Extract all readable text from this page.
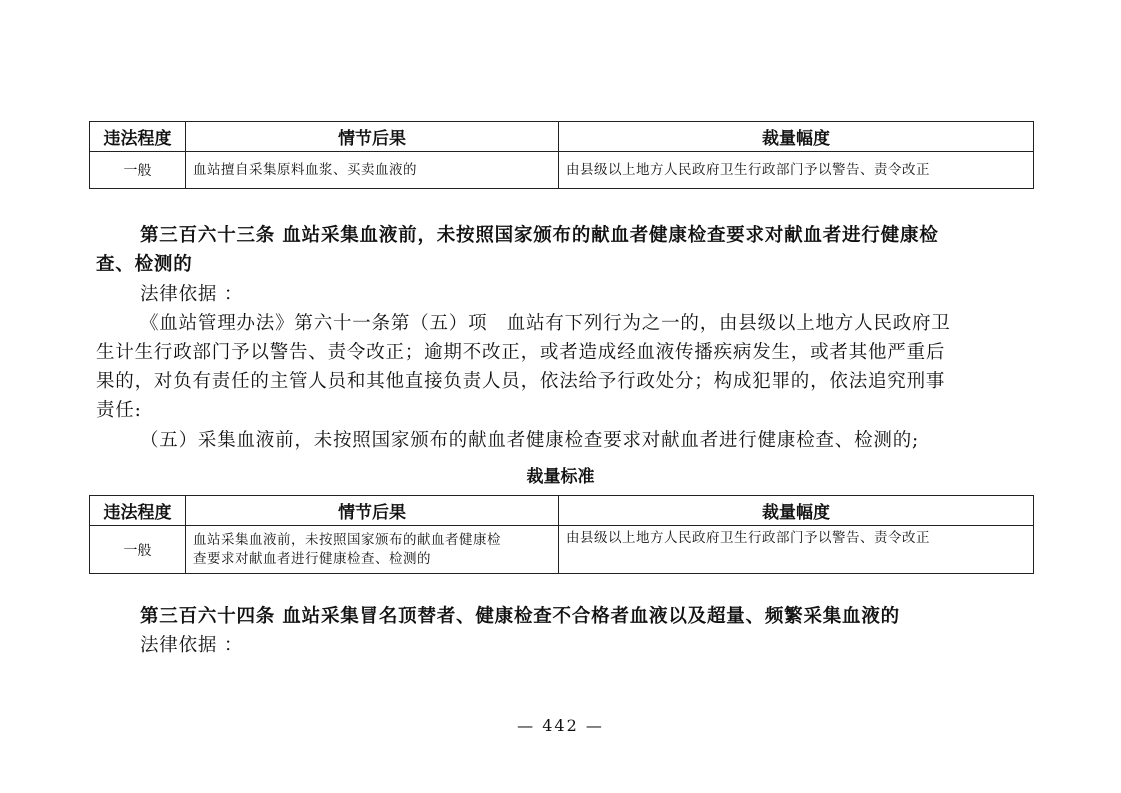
违法程度	情节后果	裁量幅度
一般	血站擅自采集原料血浆、买卖血液的	由县级以上地方人民政府卫生行政部门予以警告、责令改正

第三百六十三条 血站采集血液前，未按照国家颁布的献血者健康检查要求对献血者进行健康检

查、检测的

法律依据 ：

《血站管理办法》第六十一条第（五）项　血站有下列行为之一的，由县级以上地方人民政府卫

生计生行政部门予以警告、责令改正；逾期不改正，或者造成经血液传播疾病发生，或者其他严重后

果的，对负有责任的主管人员和其他直接负责人员，依法给予行政处分；构成犯罪的，依法追究刑事

责任:

（五）采集血液前，未按照国家颁布的献血者健康检查要求对献血者进行健康检查、检测的;

裁量标准
违法程度	情节后果	裁量幅度
一般	血站采集血液前，未按照国家颁布的献血者健康检
查要求对献血者进行健康检查、检测的	由县级以上地方人民政府卫生行政部门予以警告、责令改正

第三百六十四条 血站采集冒名顶替者、健康检查不合格者血液以及超量、频繁采集血液的

法律依据 ：

— 442 —
